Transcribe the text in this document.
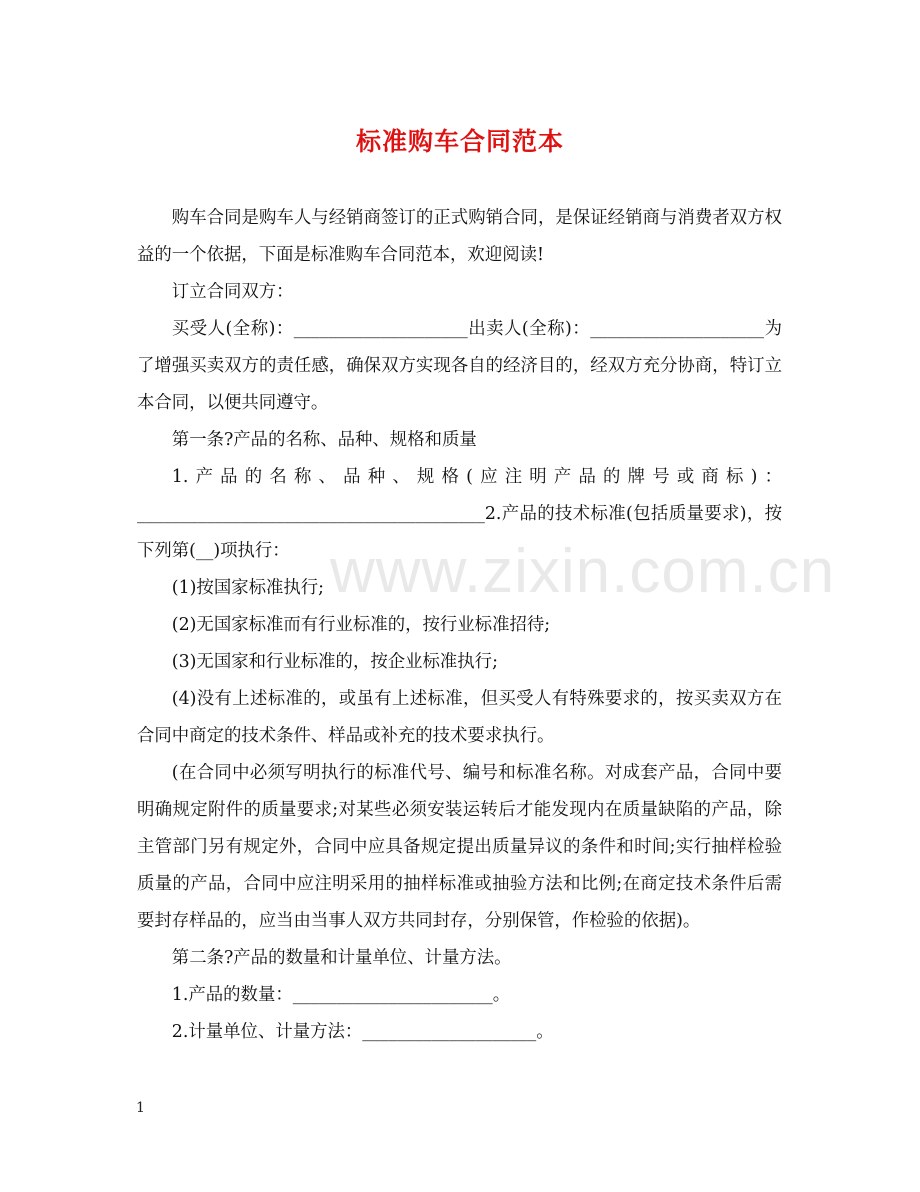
标准购车合同范本
www.zixin.com.cn

购车合同是购车人与经销商签订的正式购销合同，是保证经销商与消费者双方权益的一个依据，下面是标准购车合同范本，欢迎阅读!

订立合同双方：

买受人(全称)：____________________出卖人(全称)：____________________为了增强买卖双方的责任感，确保双方实现各自的经济目的，经双方充分协商，特订立本合同，以便共同遵守。

第一条?产品的名称、品种、规格和质量

1.产品的名称、品种、规格(应注明产品的牌号或商标)：________________________________________2.产品的技术标准(包括质量要求)，按下列第(__)项执行：

(1)按国家标准执行;

(2)无国家标准而有行业标准的，按行业标准招待;

(3)无国家和行业标准的，按企业标准执行;

(4)没有上述标准的，或虽有上述标准，但买受人有特殊要求的，按买卖双方在合同中商定的技术条件、样品或补充的技术要求执行。

(在合同中必须写明执行的标准代号、编号和标准名称。对成套产品，合同中要明确规定附件的质量要求;对某些必须安装运转后才能发现内在质量缺陷的产品，除主管部门另有规定外，合同中应具备规定提出质量异议的条件和时间;实行抽样检验质量的产品，合同中应注明采用的抽样标准或抽验方法和比例;在商定技术条件后需要封存样品的，应当由当事人双方共同封存，分别保管，作检验的依据)。

第二条?产品的数量和计量单位、计量方法。

1.产品的数量：_______________________。

2.计量单位、计量方法：____________________。

1
